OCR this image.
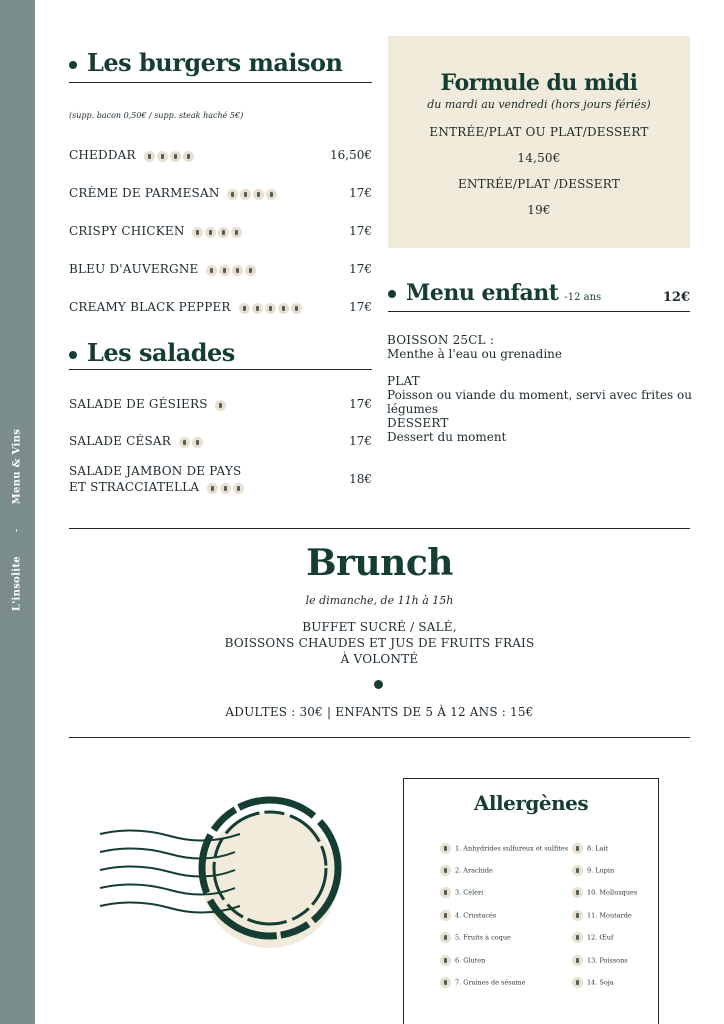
L'insolite-Menu & Vins
Les burgers maison
(supp. bacon 0,50€ / supp. steak haché 5€)
CHEDDAR	16,50€
CRÈME DE PARMESAN	17€
CRISPY CHICKEN	17€
BLEU D'AUVERGNE	17€
CREAMY BLACK PEPPER	17€
Les salades
SALADE DE GÉSIERS	17€
SALADE CÉSAR	17€
SALADE JAMBON DE PAYS
ET STRACCIATELLA
18€
Formule du midi
du mardi au vendredi (hors jours fériés)
ENTRÉE/PLAT OU PLAT/DESSERT
14,50€
ENTRÉE/PLAT /DESSERT
19€
Menu enfant -12 ans	12€
BOISSON 25CL :
Menthe à l'eau ou grenadine
PLAT
Poisson ou viande du moment, servi avec frites ou légumes
DESSERT
Dessert du moment
Brunch
le dimanche, de 11h à 15h
BUFFET SUCRÉ / SALÉ,
BOISSONS CHAUDES ET JUS DE FRUITS FRAIS
À VOLONTÉ
ADULTES : 30€ | ENFANTS DE 5 À 12 ANS : 15€
Allergènes
1. Anhydrides sulfureux et sulfites
2. Arachide
3. Céleri
4. Crustacés
5. Fruits à coque
6. Gluten
7. Graines de sésame
8. Lait
9. Lupin
10. Mollusques
11. Moutarde
12. Œuf
13. Poissons
14. Soja
